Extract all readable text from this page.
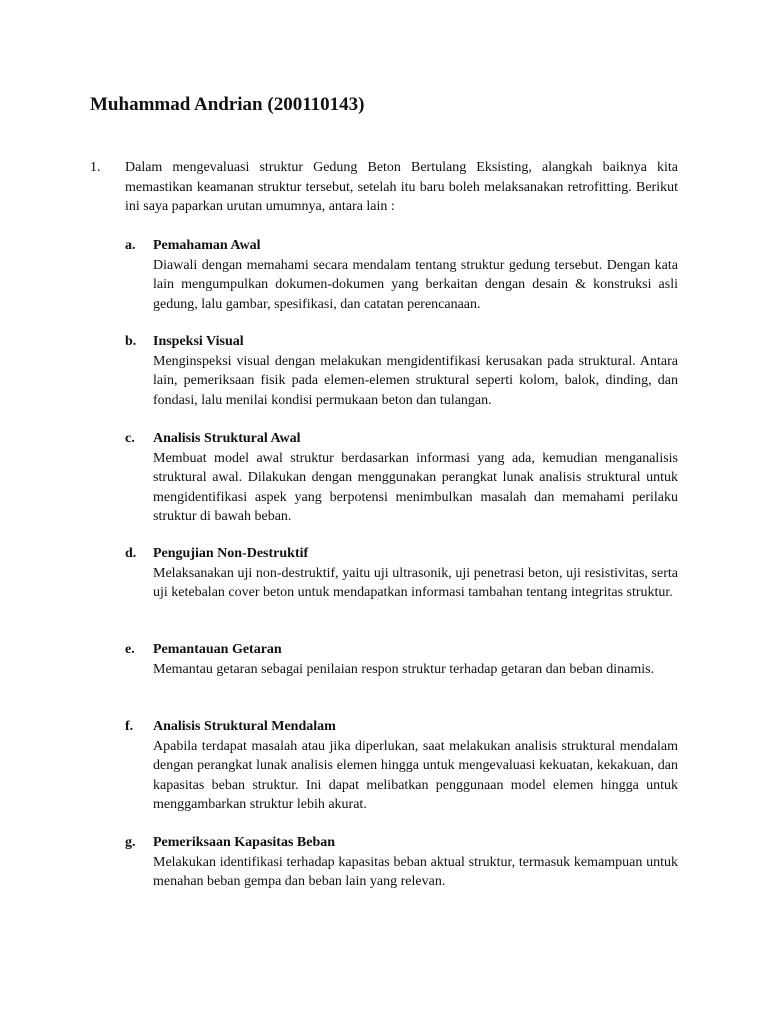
Muhammad Andrian (200110143)
1. Dalam mengevaluasi struktur Gedung Beton Bertulang Eksisting, alangkah baiknya kita memastikan keamanan struktur tersebut, setelah itu baru boleh melaksanakan retrofitting. Berikut ini saya paparkan urutan umumnya, antara lain :

a. Pemahaman Awal

Diawali dengan memahami secara mendalam tentang struktur gedung tersebut. Dengan kata lain mengumpulkan dokumen-dokumen yang berkaitan dengan desain & konstruksi asli gedung, lalu gambar, spesifikasi, dan catatan perencanaan.

b. Inspeksi Visual

Menginspeksi visual dengan melakukan mengidentifikasi kerusakan pada struktural. Antara lain, pemeriksaan fisik pada elemen-elemen struktural seperti kolom, balok, dinding, dan fondasi, lalu menilai kondisi permukaan beton dan tulangan.

c. Analisis Struktural Awal

Membuat model awal struktur berdasarkan informasi yang ada, kemudian menganalisis struktural awal. Dilakukan dengan menggunakan perangkat lunak analisis struktural untuk mengidentifikasi aspek yang berpotensi menimbulkan masalah dan memahami perilaku struktur di bawah beban.

d. Pengujian Non-Destruktif

Melaksanakan uji non-destruktif, yaitu uji ultrasonik, uji penetrasi beton, uji resistivitas, serta uji ketebalan cover beton untuk mendapatkan informasi tambahan tentang integritas struktur.

e. Pemantauan Getaran

Memantau getaran sebagai penilaian respon struktur terhadap getaran dan beban dinamis.

f. Analisis Struktural Mendalam

Apabila terdapat masalah atau jika diperlukan, saat melakukan analisis struktural mendalam dengan perangkat lunak analisis elemen hingga untuk mengevaluasi kekuatan, kekakuan, dan kapasitas beban struktur. Ini dapat melibatkan penggunaan model elemen hingga untuk menggambarkan struktur lebih akurat.

g. Pemeriksaan Kapasitas Beban

Melakukan identifikasi terhadap kapasitas beban aktual struktur, termasuk kemampuan untuk menahan beban gempa dan beban lain yang relevan.
